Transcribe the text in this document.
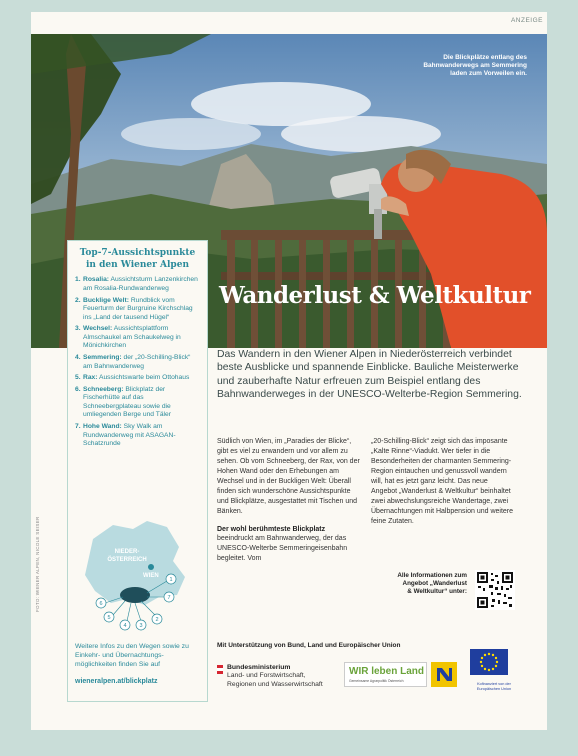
ANZEIGE
Die Blickplätze entlang des Bahnwanderwegs am Semmering laden zum Vorweilen ein.
Wanderlust & Weltkultur
Top-7-Aussichtspunkte
in den Wiener Alpen
1. Rosalia: Aussichtsturm Lanzenkirchen am Rosalia-Rundwanderweg
2. Bucklige Welt: Rundblick vom Feuerturm der Burgruine Kirchschlag ins „Land der tausend Hügel“
3. Wechsel: Aussichtsplattform Almschaukel am Schaukelweg in Mönichkirchen
4. Semmering: der „20-Schilling-Blick“ am Bahnwanderweg
5. Rax: Aussichtswarte beim Ottohaus
6. Schneeberg: Blickplatz der Fischerhütte auf das Schneebergplateau sowie die umliegenden Berge und Täler
7. Hohe Wand: Sky Walk am Rundwanderweg mit ASAGAN-Schatzrunde
NIEDER-
ÖSTERREICH
WIEN
1
7
2
3
4
5
6
Weitere Infos zu den Wegen sowie zu Einkehr- und Übernachtungs-möglichkeiten finden Sie auf
wieneralpen.at/blickplatz
FOTO: WIENER ALPEN, NICOLE SEISER
Das Wandern in den Wiener Alpen in Niederösterreich verbindet beste Ausblicke und spannende Einblicke. Bauliche Meisterwerke und zauberhafte Natur erfreuen zum Beispiel entlang des Bahnwanderweges in der UNESCO-Welterbe-Region Semmering.

Südlich von Wien, im „Paradies der Blicke“, gibt es viel zu erwandern und vor allem zu sehen. Ob vom Schneeberg, der Rax, von der Hohen Wand oder den Erhebungen am Wechsel und in der Buckligen Welt: Überall finden sich wunderschöne Aussichtspunkte und Blickplätze, ausgestattet mit Tischen und Bänken.

Der wohl berühmteste Blickplatz

beeindruckt am Bahnwanderweg, der das UNESCO-Welterbe Semmeringeisenbahn begleitet. Vom

„20-Schilling-Blick“ zeigt sich das imposante „Kalte Rinne“-Viadukt. Wer tiefer in die Besonderheiten der charmanten Semmering-Region eintauchen und genussvoll wandern will, hat es jetzt ganz leicht. Das neue Angebot „Wanderlust & Weltkultur“ beinhaltet zwei abwechslungsreiche Wandertage, zwei Übernachtungen mit Halbpension und weitere feine Zutaten.

Alle Informationen zum Angebot „Wanderlust & Weltkultur“ unter:
Mit Unterstützung von Bund, Land und Europäischer Union
Bundesministerium
Land- und Forstwirtschaft,
Regionen und Wasserwirtschaft
WIR leben Land
Gemeinsame Agrarpolitik Österreich
Kofinanziert von der Europäischen Union
